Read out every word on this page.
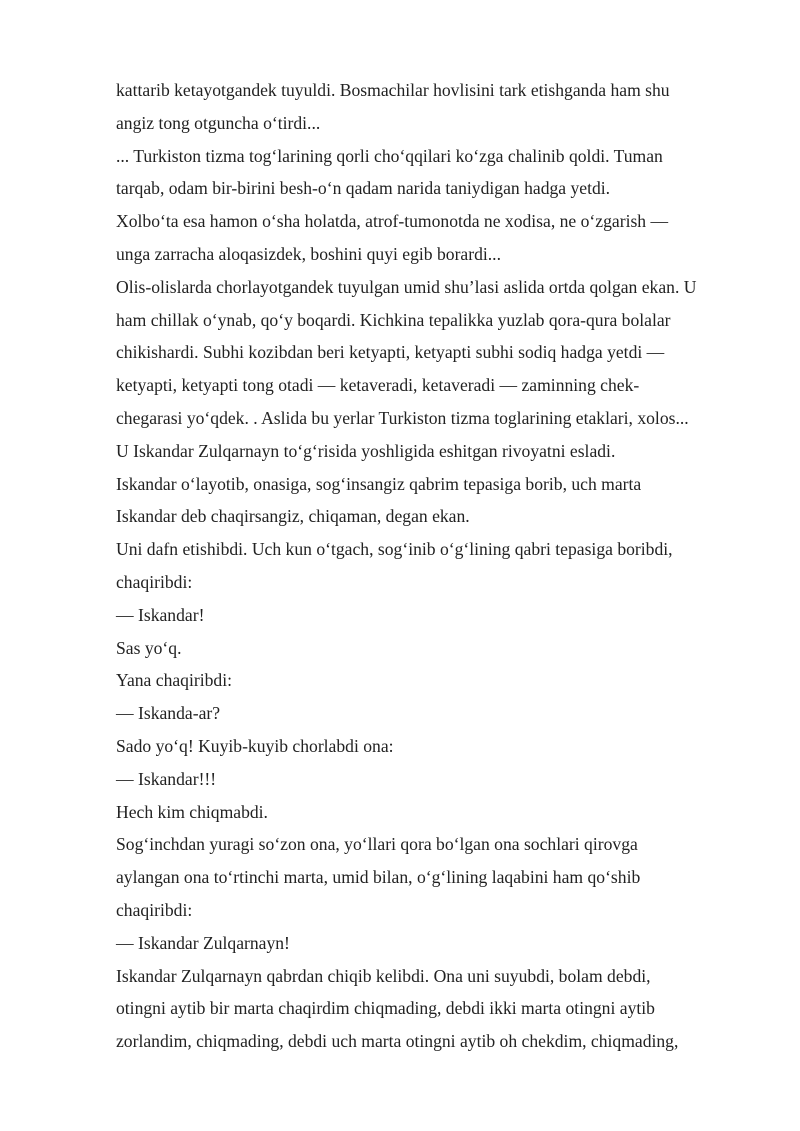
kattarib ketayotgandek tuyuldi. Bosmachilar hovlisini tark etishganda ham shu
angiz tong otguncha o‘tirdi...
... Turkiston tizma tog‘larining qorli cho‘qqilari ko‘zga chalinib qoldi. Tuman
tarqab, odam bir-birini besh-o‘n qadam narida taniydigan hadga yetdi.
Xolbo‘ta esa hamon o‘sha holatda, atrof-tumonotda ne xodisa, ne o‘zgarish —
unga zarracha aloqasizdek, boshini quyi egib borardi...
Olis-olislarda chorlayotgandek tuyulgan umid shu’lasi aslida ortda qolgan ekan. U
ham chillak o‘ynab, qo‘y boqardi. Kichkina tepalikka yuzlab qora-qura bolalar
chikishardi. Subhi kozibdan beri ketyapti, ketyapti subhi sodiq hadga yetdi —
ketyapti, ketyapti tong otadi — ketaveradi, ketaveradi — zaminning chek-
chegarasi yo‘qdek. . Aslida bu yerlar Turkiston tizma toglarining etaklari, xolos...
U Iskandar Zulqarnayn to‘g‘risida yoshligida eshitgan rivoyatni esladi.
Iskandar o‘layotib, onasiga, sog‘insangiz qabrim tepasiga borib, uch marta
Iskandar deb chaqirsangiz, chiqaman, degan ekan.
Uni dafn etishibdi. Uch kun o‘tgach, sog‘inib o‘g‘lining qabri tepasiga boribdi,
chaqiribdi:
— Iskandar!
Sas yo‘q.
Yana chaqiribdi:
— Iskanda-ar?
Sado yo‘q! Kuyib-kuyib chorlabdi ona:
— Iskandar!!!
Hech kim chiqmabdi.
Sog‘inchdan yuragi so‘zon ona, yo‘llari qora bo‘lgan ona sochlari qirovga
aylangan ona to‘rtinchi marta, umid bilan, o‘g‘lining laqabini ham qo‘shib
chaqiribdi:
— Iskandar Zulqarnayn!
Iskandar Zulqarnayn qabrdan chiqib kelibdi. Ona uni suyubdi, bolam debdi,
otingni aytib bir marta chaqirdim chiqmading, debdi ikki marta otingni aytib
zorlandim, chiqmading, debdi uch marta otingni aytib oh chekdim, chiqmading,
